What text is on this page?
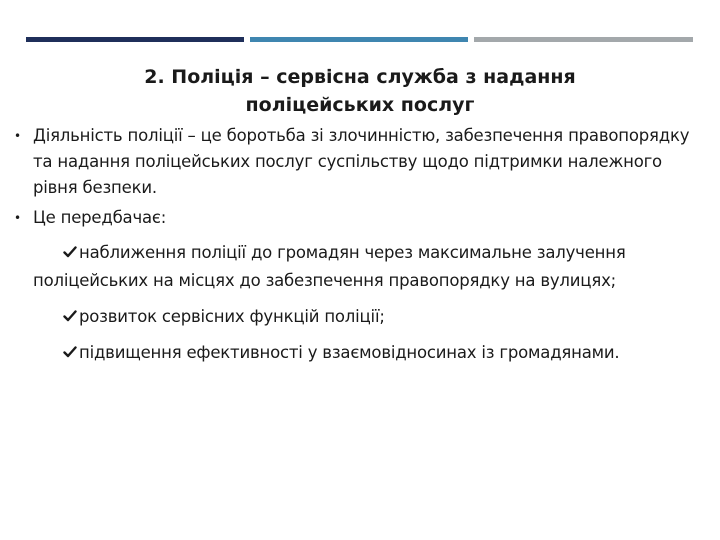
2. Поліція – сервісна служба з надання
поліцейських послуг

• Діяльність поліції – це боротьба зі злочинністю, забезпечення правопорядку та надання поліцейських послуг суспільству щодо підтримки належного рівня безпеки.

• Це передбачає:

наближення поліції до громадян через максимальне залучення поліцейських на місцях до забезпечення правопорядку на вулицях;

розвиток сервісних функцій поліції;

підвищення ефективності у взаємовідносинах із громадянами.
